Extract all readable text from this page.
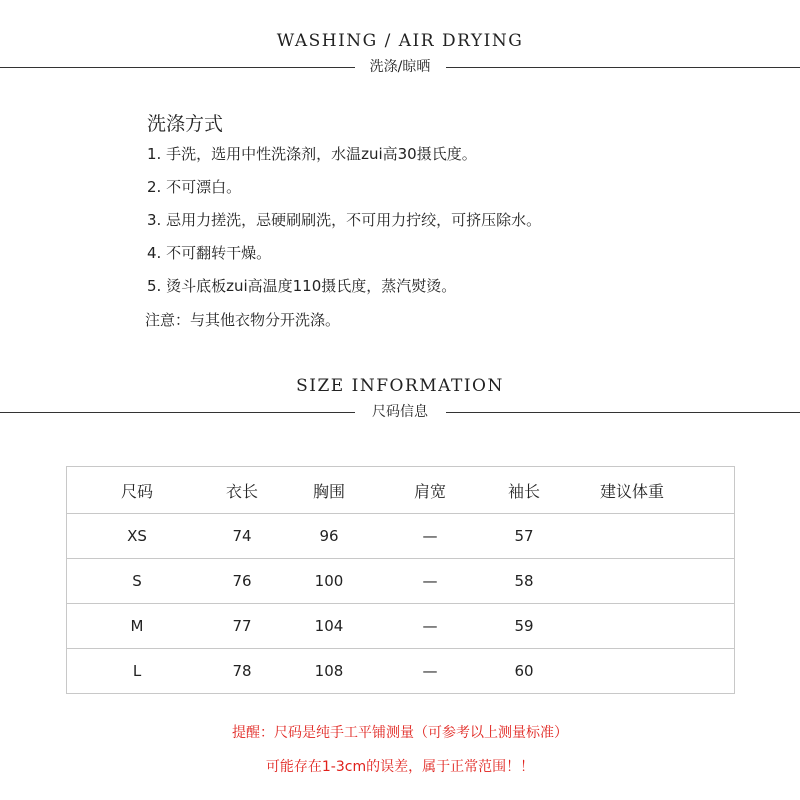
WASHING / AIR DRYING
洗涤/晾晒
洗涤方式
1. 手洗，选用中性洗涤剂，水温zui高30摄氏度。
2. 不可漂白。
3. 忌用力搓洗，忌硬刷刷洗，不可用力拧绞，可挤压除水。
4. 不可翻转干燥。
5. 烫斗底板zui高温度110摄氏度，蒸汽熨烫。
注意：与其他衣物分开洗涤。
SIZE INFORMATION
尺码信息
尺码	衣长	胸围	肩宽	袖长	建议体重
XS	74	96	—	57
S	76	100	—	58
M	77	104	—	59
L	78	108	—	60
提醒：尺码是纯手工平铺测量（可参考以上测量标准）
可能存在1-3cm的误差，属于正常范围！！
